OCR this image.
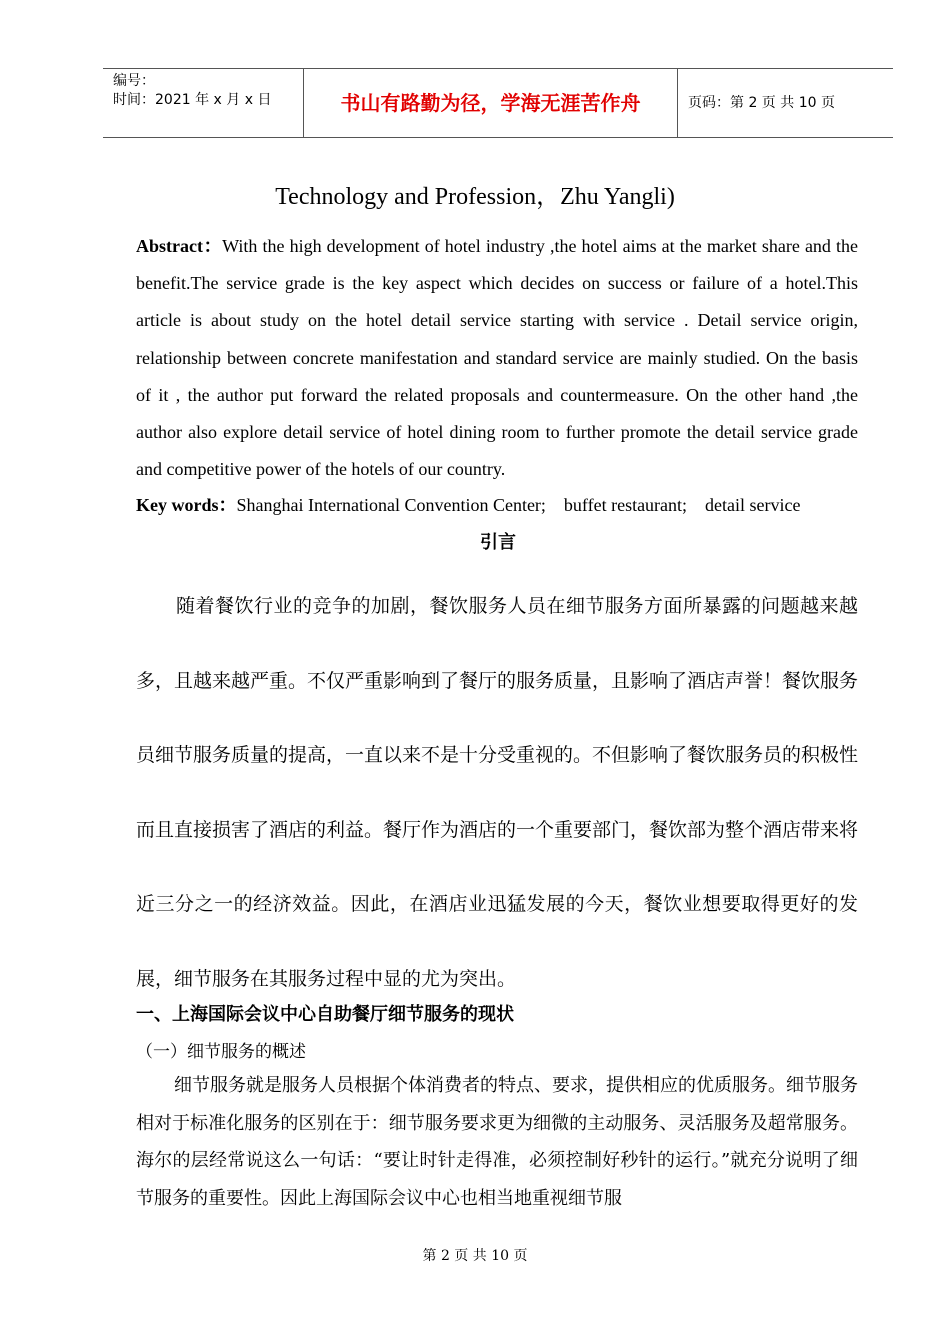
编号：
时间：2021 年 x 月 x 日	书山有路勤为径，学海无涯苦作舟	页码：第 2 页 共 10 页
Technology and Profession，Zhu Yangli)
Abstract：With the high development of hotel industry ,the hotel aims at the market share and the benefit.The service grade is the key aspect which decides on success or failure of a hotel.This article is about study on the hotel detail service starting with service . Detail service origin, relationship between concrete manifestation and standard service are mainly studied. On the basis of it , the author put forward the related proposals and countermeasure. On the other hand ,the author also explore detail service of hotel dining room to further promote the detail service grade and competitive power of the hotels of our country.
Key words：Shanghai International Convention Center;    buffet restaurant;    detail service
引言
随着餐饮行业的竞争的加剧，餐饮服务人员在细节服务方面所暴露的问题越来越多，且越来越严重。不仅严重影响到了餐厅的服务质量，且影响了酒店声誉！餐饮服务员细节服务质量的提高，一直以来不是十分受重视的。不但影响了餐饮服务员的积极性而且直接损害了酒店的利益。餐厅作为酒店的一个重要部门，餐饮部为整个酒店带来将近三分之一的经济效益。因此，在酒店业迅猛发展的今天，餐饮业想要取得更好的发展，细节服务在其服务过程中显的尤为突出。
一、上海国际会议中心自助餐厅细节服务的现状
（一）细节服务的概述
细节服务就是服务人员根据个体消费者的特点、要求，提供相应的优质服务。细节服务相对于标准化服务的区别在于：细节服务要求更为细微的主动服务、灵活服务及超常服务。海尔的层经常说这么一句话：“要让时针走得准，必须控制好秒针的运行。”就充分说明了细节服务的重要性。因此上海国际会议中心也相当地重视细节服
第 2 页 共 10 页
